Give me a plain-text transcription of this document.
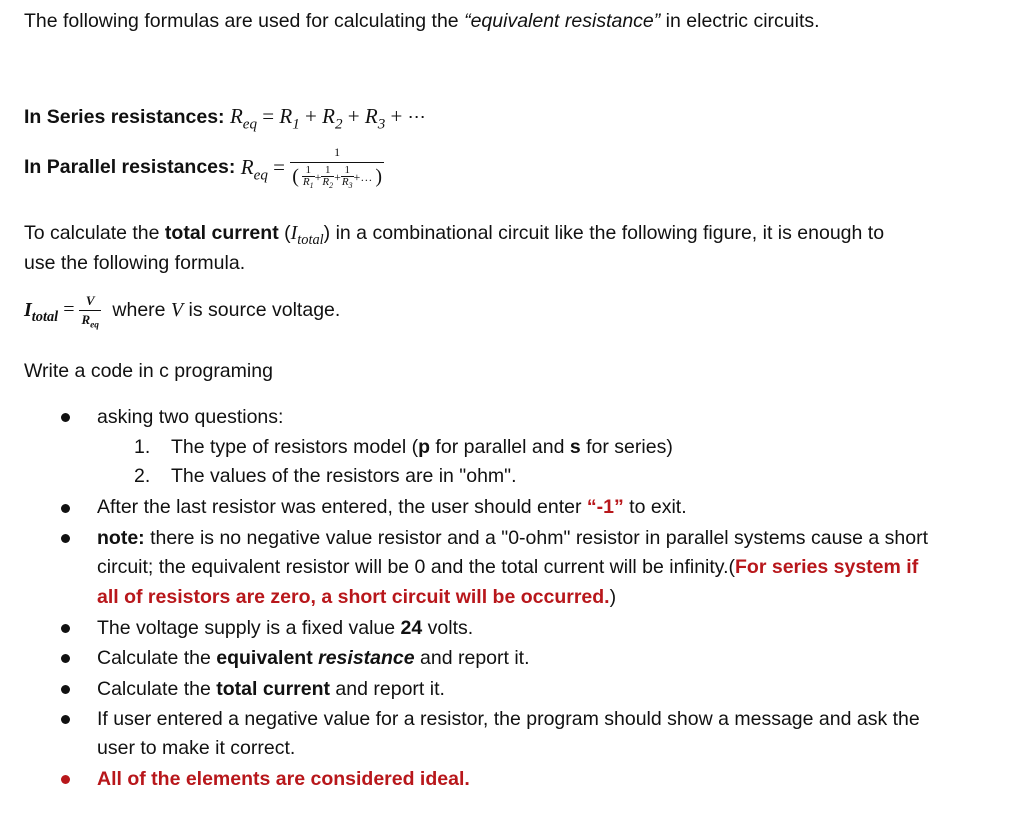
The following formulas are used for calculating the “equivalent resistance” in electric circuits.
In Series resistances: $R_{eq} = R_1 + R_2 + R_3$ + ⋯
In Parallel resistances: $R_{eq} = \frac{1}{( \frac{1}{R_1} + \frac{1}{R_2} + \frac{1}{R_3} +\dots )}$
To calculate the total current $(I_{total})$ in a combinational circuit like the following figure, it is enough to
use the following formula.
$I_{total} = \frac{V}{R_{eq}}$ where V is source voltage.
Write a code in c programing
asking two questions:
1. The type of resistors model (p for parallel and s for series)
2. The values of the resistors are in "ohm".
After the last resistor was entered, the user should enter “-1” to exit.
note: there is no negative value resistor and a "0-ohm" resistor in parallel systems cause a short
circuit; the equivalent resistor will be 0 and the total current will be infinity.(For series system if
all of resistors are zero, a short circuit will be occurred.)
The voltage supply is a fixed value 24 volts.
Calculate the equivalent resistance and report it.
Calculate the total current and report it.
If user entered a negative value for a resistor, the program should show a message and ask the
user to make it correct.
All of the elements are considered ideal.
